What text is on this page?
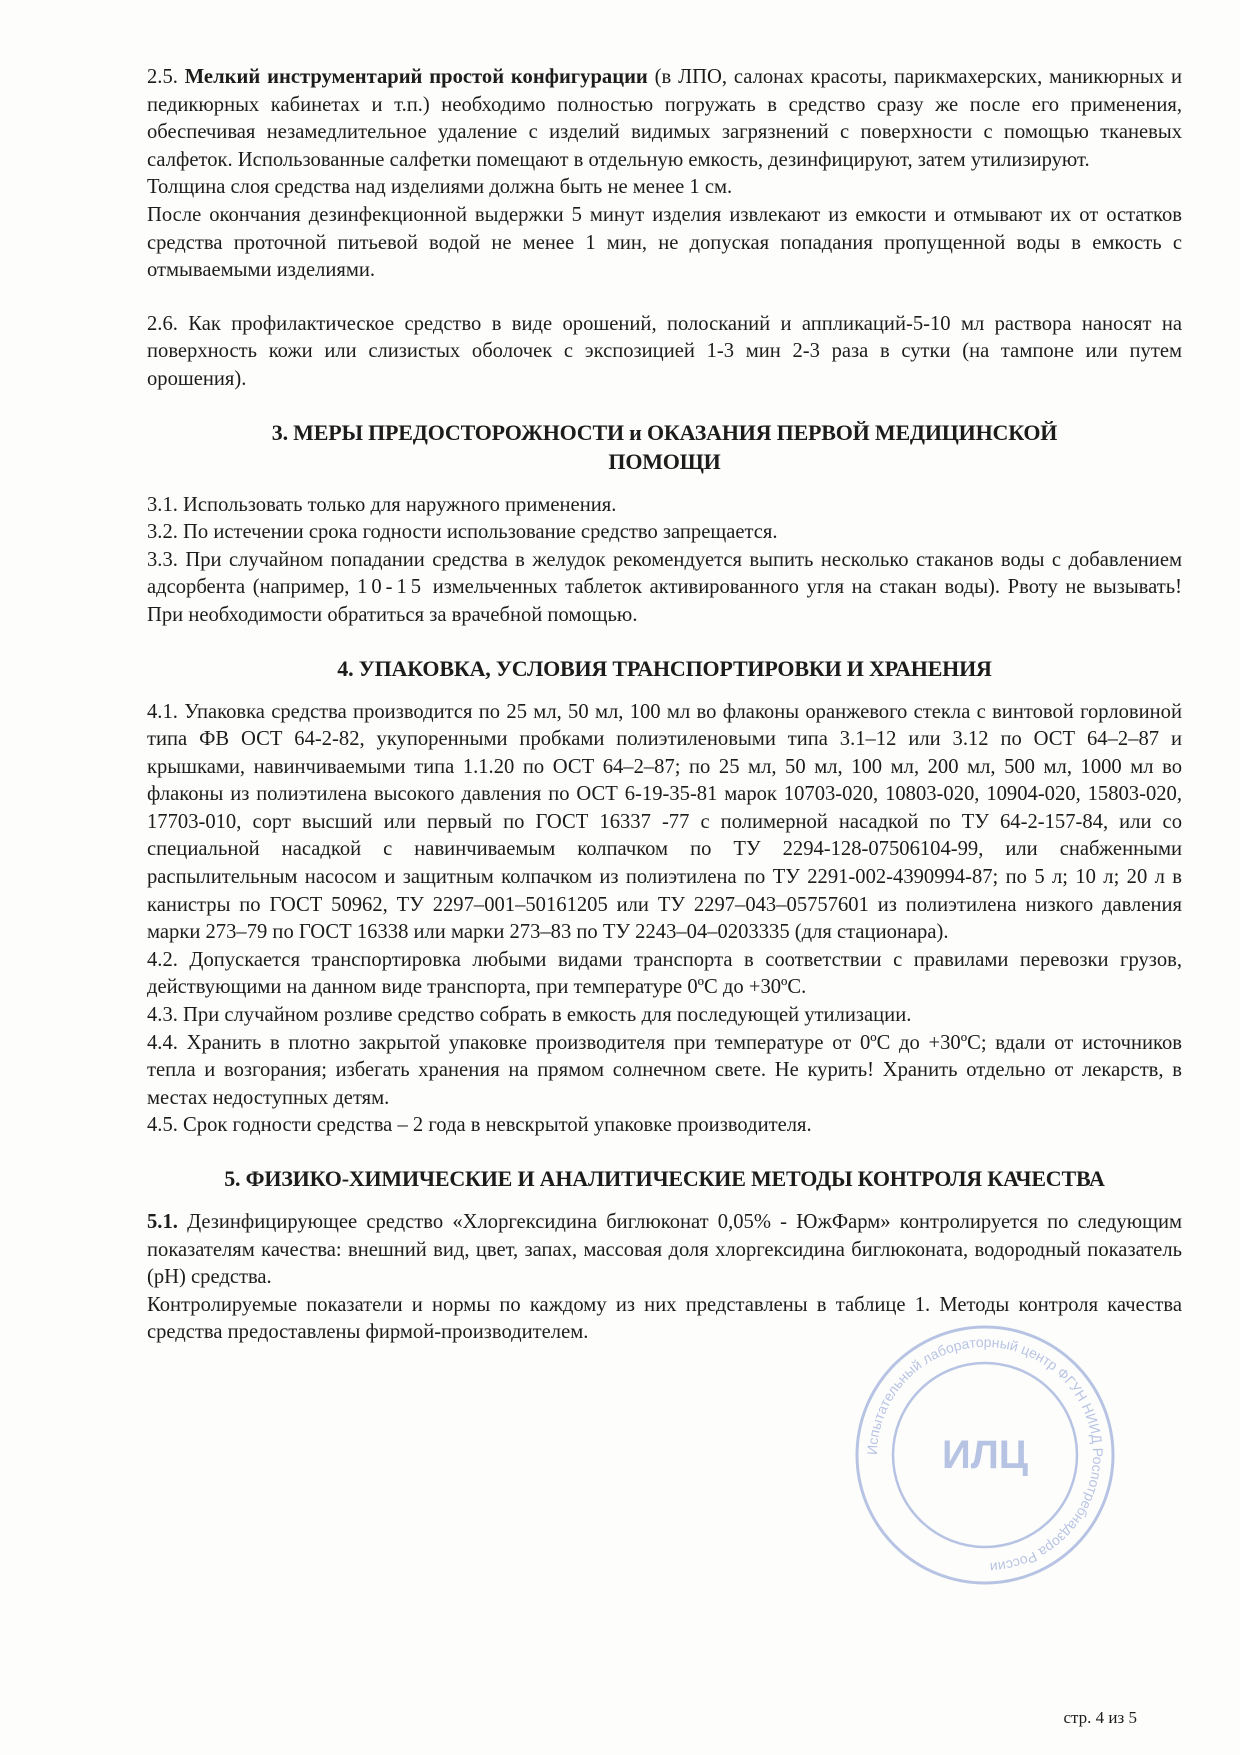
2.5. Мелкий инструментарий простой конфигурации (в ЛПО, салонах красоты, парикмахерских, маникюрных и педикюрных кабинетах и т.п.) необходимо полностью погружать в средство сразу же после его применения, обеспечивая незамедлительное удаление с изделий видимых загрязнений с поверхности с помощью тканевых салфеток. Использованные салфетки помещают в отдельную емкость, дезинфицируют, затем утилизируют.

Толщина слоя средства над изделиями должна быть не менее 1 см.

После окончания дезинфекционной выдержки 5 минут изделия извлекают из емкости и отмывают их от остатков средства проточной питьевой водой не менее 1 мин, не допуская попадания пропущенной воды в емкость с отмываемыми изделиями.

2.6. Как профилактическое средство в виде орошений, полосканий и аппликаций-5-10 мл раствора наносят на поверхность кожи или слизистых оболочек с экспозицией 1-3 мин 2-3 раза в сутки (на тампоне или путем орошения).

3. МЕРЫ ПРЕДОСТОРОЖНОСТИ и ОКАЗАНИЯ ПЕРВОЙ МЕДИЦИНСКОЙ
ПОМОЩИ

3.1. Использовать только для наружного применения.

3.2. По истечении срока годности использование средство запрещается.

3.3. При случайном попадании средства в желудок рекомендуется выпить несколько стаканов воды с добавлением адсорбента (например, 10-15 измельченных таблеток активированного угля на стакан воды). Рвоту не вызывать! При необходимости обратиться за врачебной помощью.

4. УПАКОВКА, УСЛОВИЯ ТРАНСПОРТИРОВКИ И ХРАНЕНИЯ

4.1. Упаковка средства производится по 25 мл, 50 мл, 100 мл во флаконы оранжевого стекла с винтовой горловиной типа ФВ ОСТ 64-2-82, укупоренными пробками полиэтиленовыми типа 3.1–12 или 3.12 по ОСТ 64–2–87 и крышками, навинчиваемыми типа 1.1.20 по ОСТ 64–2–87; по 25 мл, 50 мл, 100 мл, 200 мл, 500 мл, 1000 мл во флаконы из полиэтилена высокого давления по ОСТ 6-19-35-81 марок 10703-020, 10803-020, 10904-020, 15803-020, 17703-010, сорт высший или первый по ГОСТ 16337 -77 с полимерной насадкой по ТУ 64-2-157-84, или со специальной насадкой с навинчиваемым колпачком по ТУ 2294-128-07506104-99, или снабженными распылительным насосом и защитным колпачком из полиэтилена по ТУ 2291-002-4390994-87; по 5 л; 10 л; 20 л в канистры по ГОСТ 50962, ТУ 2297–001–50161205 или ТУ 2297–043–05757601 из полиэтилена низкого давления марки 273–79 по ГОСТ 16338 или марки 273–83 по ТУ 2243–04–0203335 (для стационара).

4.2. Допускается транспортировка любыми видами транспорта в соответствии с правилами перевозки грузов, действующими на данном виде транспорта, при температуре 0ºС до +30ºС.

4.3. При случайном розливе средство собрать в емкость для последующей утилизации.

4.4. Хранить в плотно закрытой упаковке производителя при температуре от 0ºС до +30ºС; вдали от источников тепла и возгорания; избегать хранения на прямом солнечном свете. Не курить! Хранить отдельно от лекарств, в местах недоступных детям.

4.5. Срок годности средства – 2 года в невскрытой упаковке производителя.

5. ФИЗИКО-ХИМИЧЕСКИЕ И АНАЛИТИЧЕСКИЕ МЕТОДЫ КОНТРОЛЯ КАЧЕСТВА

5.1. Дезинфицирующее средство «Хлоргексидина биглюконат 0,05% - ЮжФарм» контролируется по следующим показателям качества: внешний вид, цвет, запах, массовая доля хлоргексидина биглюконата, водородный показатель (рН) средства.

Контролируемые показатели и нормы по каждому из них представлены в таблице 1. Методы контроля качества средства предоставлены фирмой-производителем.

Испытательный лабораторный центр ФГУН НИИД Роспотребнадзора России
ИЛЦ
стр. 4 из 5
